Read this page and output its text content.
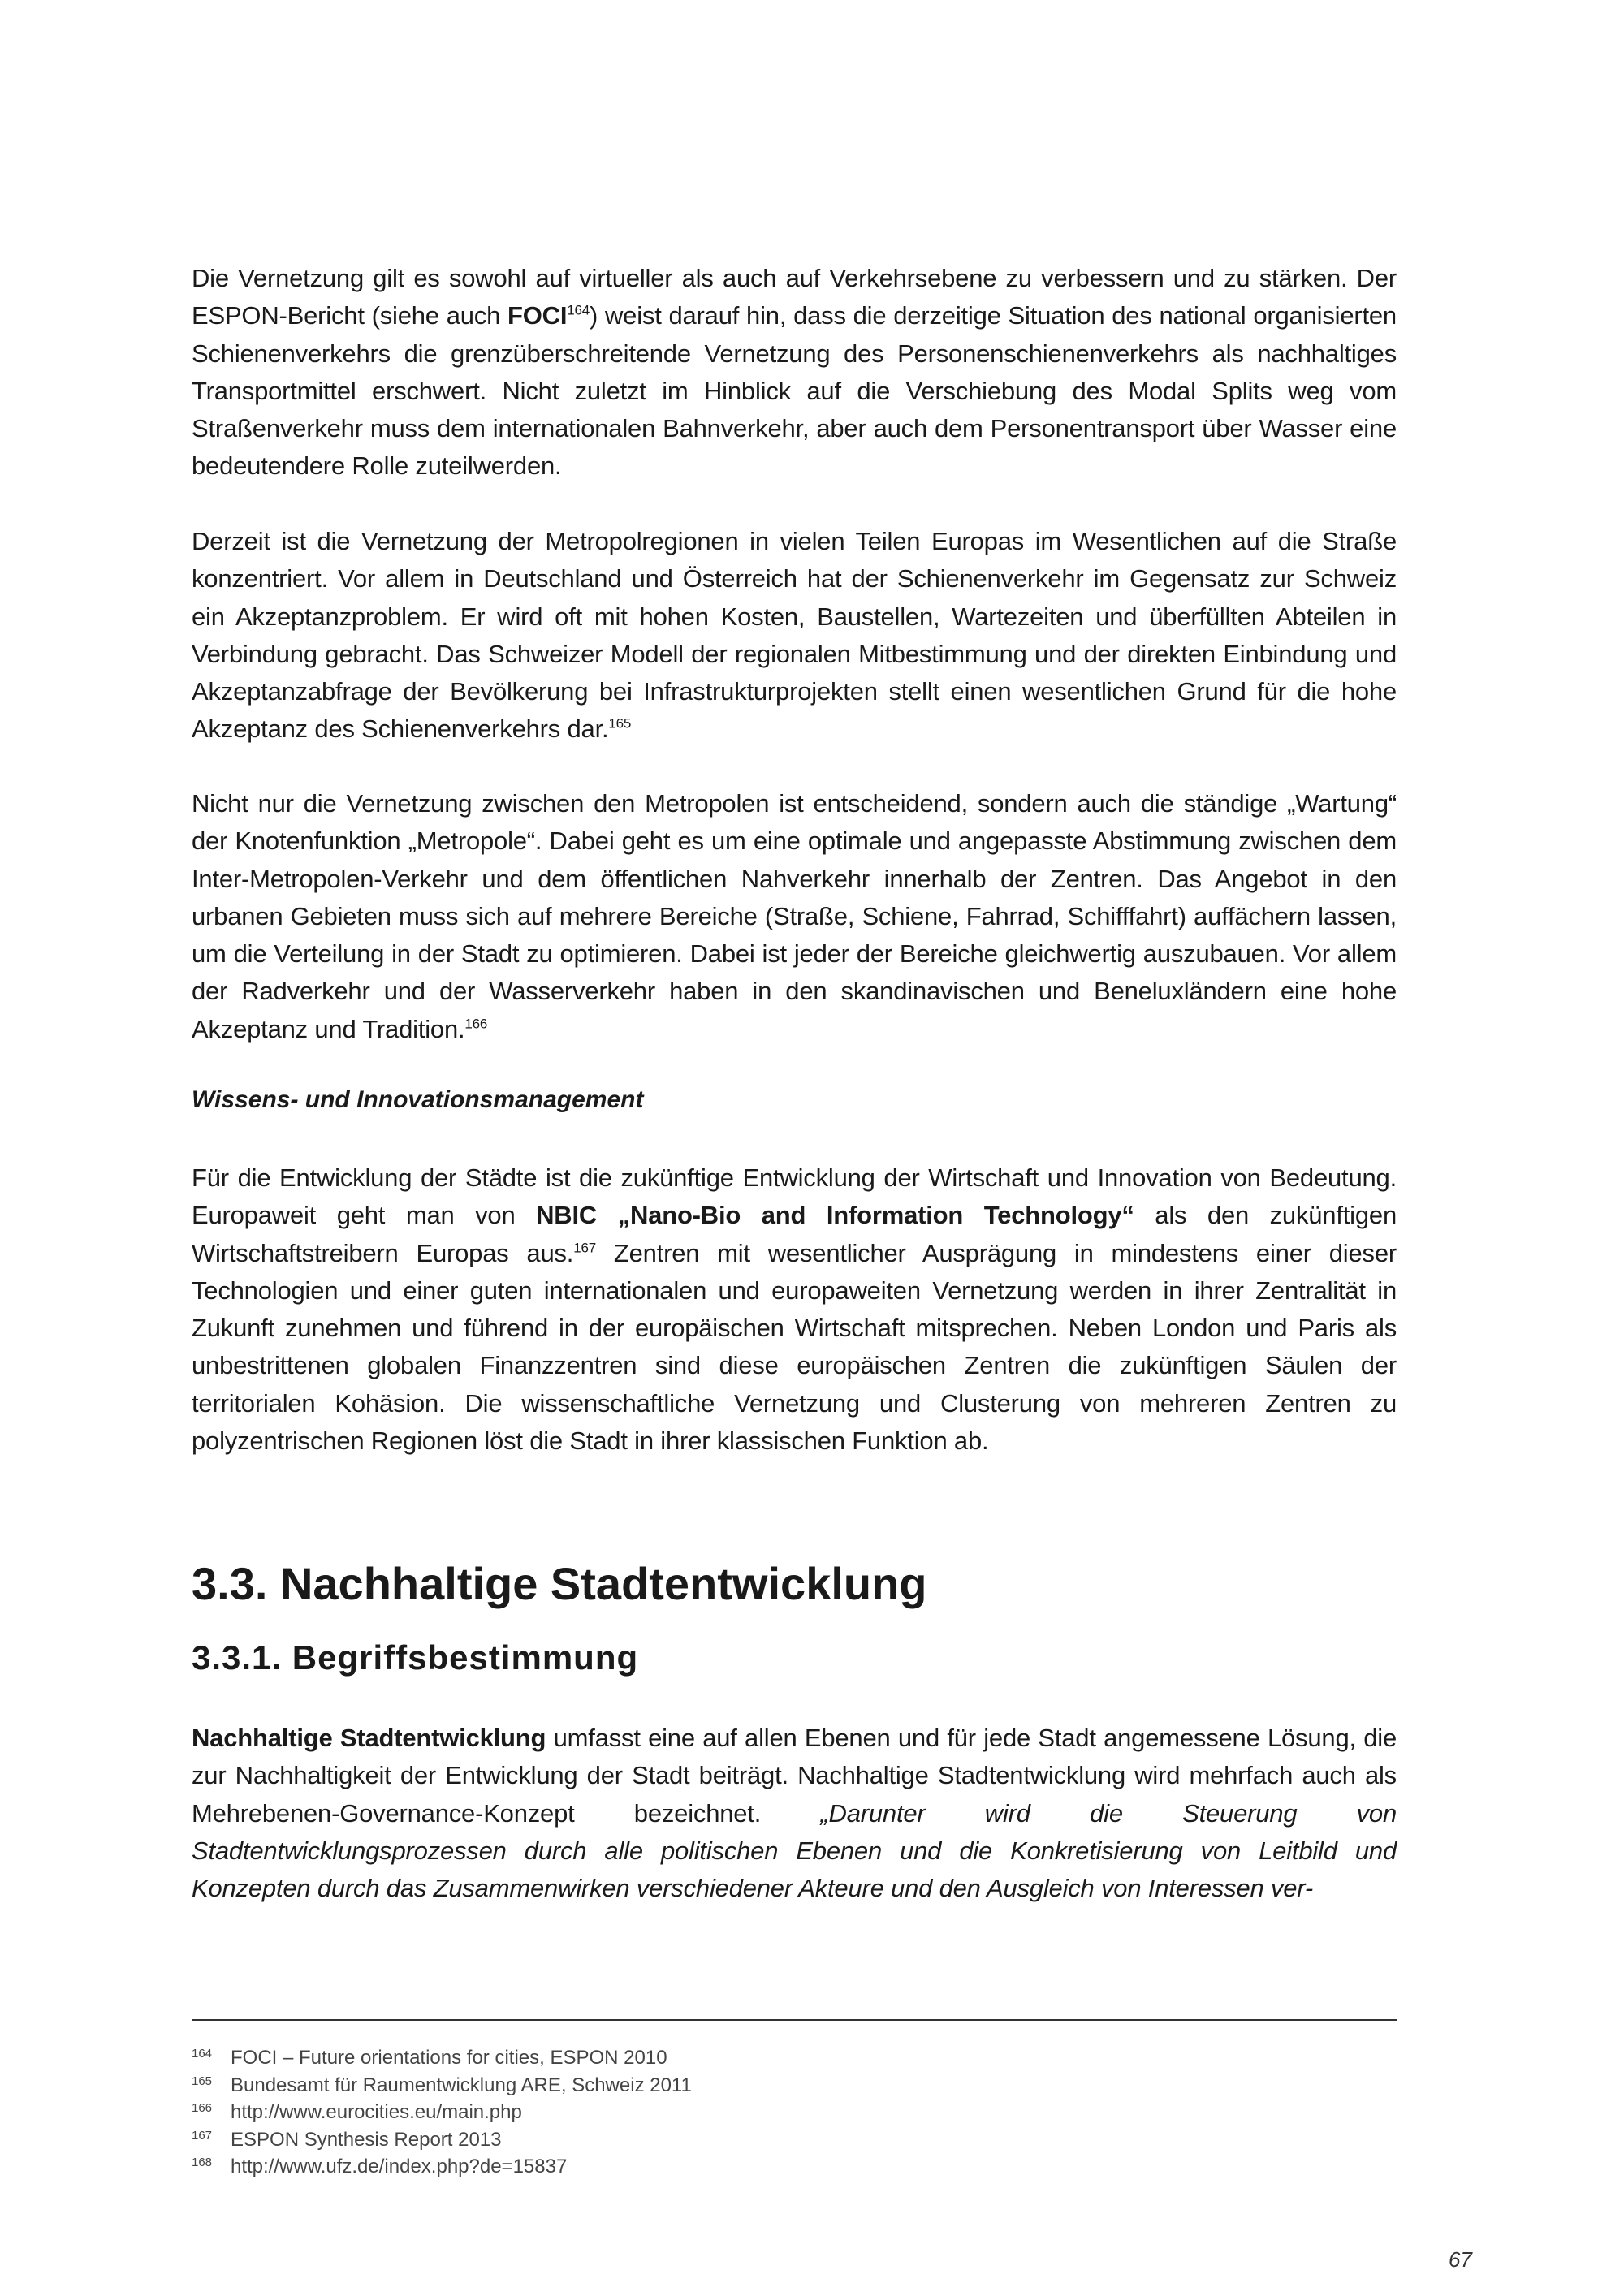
Die Vernetzung gilt es sowohl auf virtueller als auch auf Verkehrsebene zu verbessern und zu stärken. Der ESPON-Bericht (siehe auch FOCI$^{164}$) weist darauf hin, dass die derzeitige Situation des national organisierten Schienenverkehrs die grenzüberschreitende Vernetzung des Personenschienenverkehrs als nachhaltiges Transportmittel erschwert. Nicht zuletzt im Hinblick auf die Verschiebung des Modal Splits weg vom Straßenverkehr muss dem internationalen Bahnverkehr, aber auch dem Personentransport über Wasser eine bedeutendere Rolle zuteilwerden.

Derzeit ist die Vernetzung der Metropolregionen in vielen Teilen Europas im Wesentlichen auf die Straße konzentriert. Vor allem in Deutschland und Österreich hat der Schienenverkehr im Gegensatz zur Schweiz ein Akzeptanzproblem. Er wird oft mit hohen Kosten, Baustellen, Wartezeiten und überfüllten Abteilen in Verbindung gebracht. Das Schweizer Modell der regionalen Mitbestimmung und der direkten Einbindung und Akzeptanzabfrage der Bevölkerung bei Infrastrukturprojekten stellt einen wesentlichen Grund für die hohe Akzeptanz des Schienenverkehrs dar.$^{165}$

Nicht nur die Vernetzung zwischen den Metropolen ist entscheidend, sondern auch die ständige „Wartung“ der Knotenfunktion „Metropole“. Dabei geht es um eine optimale und angepasste Abstimmung zwischen dem Inter-Metropolen-Verkehr und dem öffentlichen Nahverkehr innerhalb der Zentren. Das Angebot in den urbanen Gebieten muss sich auf mehrere Bereiche (Straße, Schiene, Fahrrad, Schifffahrt) auffächern lassen, um die Verteilung in der Stadt zu optimieren. Dabei ist jeder der Bereiche gleichwertig auszubauen. Vor allem der Radverkehr und der Wasserverkehr haben in den skandinavischen und Beneluxländern eine hohe Akzeptanz und Tradition.$^{166}$

Wissens- und Innovationsmanagement

Für die Entwicklung der Städte ist die zukünftige Entwicklung der Wirtschaft und Innovation von Bedeutung. Europaweit geht man von NBIC „Nano-Bio and Information Technology“ als den zukünftigen Wirtschaftstreibern Europas aus.$^{167}$ Zentren mit wesentlicher Ausprägung in mindestens einer dieser Technologien und einer guten internationalen und europaweiten Vernetzung werden in ihrer Zentralität in Zukunft zunehmen und führend in der europäischen Wirtschaft mitsprechen. Neben London und Paris als unbestrittenen globalen Finanzzentren sind diese europäischen Zentren die zukünftigen Säulen der territorialen Kohäsion. Die wissenschaftliche Vernetzung und Clusterung von mehreren Zentren zu polyzentrischen Regionen löst die Stadt in ihrer klassischen Funktion ab.

3.3. Nachhaltige Stadtentwicklung
3.3.1. Begriffsbestimmung

Nachhaltige Stadtentwicklung umfasst eine auf allen Ebenen und für jede Stadt angemessene Lösung, die zur Nachhaltigkeit der Entwicklung der Stadt beiträgt. Nachhaltige Stadtentwicklung wird mehrfach auch als Mehrebenen-Governance-Konzept bezeichnet. „Darunter wird die Steuerung von Stadtentwicklungsprozessen durch alle politischen Ebenen und die Konkretisierung von Leitbild und Konzepten durch das Zusammenwirken verschiedener Akteure und den Ausgleich von Interessen ver-

164 FOCI – Future orientations for cities, ESPON 2010
165 Bundesamt für Raumentwicklung ARE, Schweiz 2011
166 http://www.eurocities.eu/main.php
167 ESPON Synthesis Report 2013
168 http://www.ufz.de/index.php?de=15837
67
